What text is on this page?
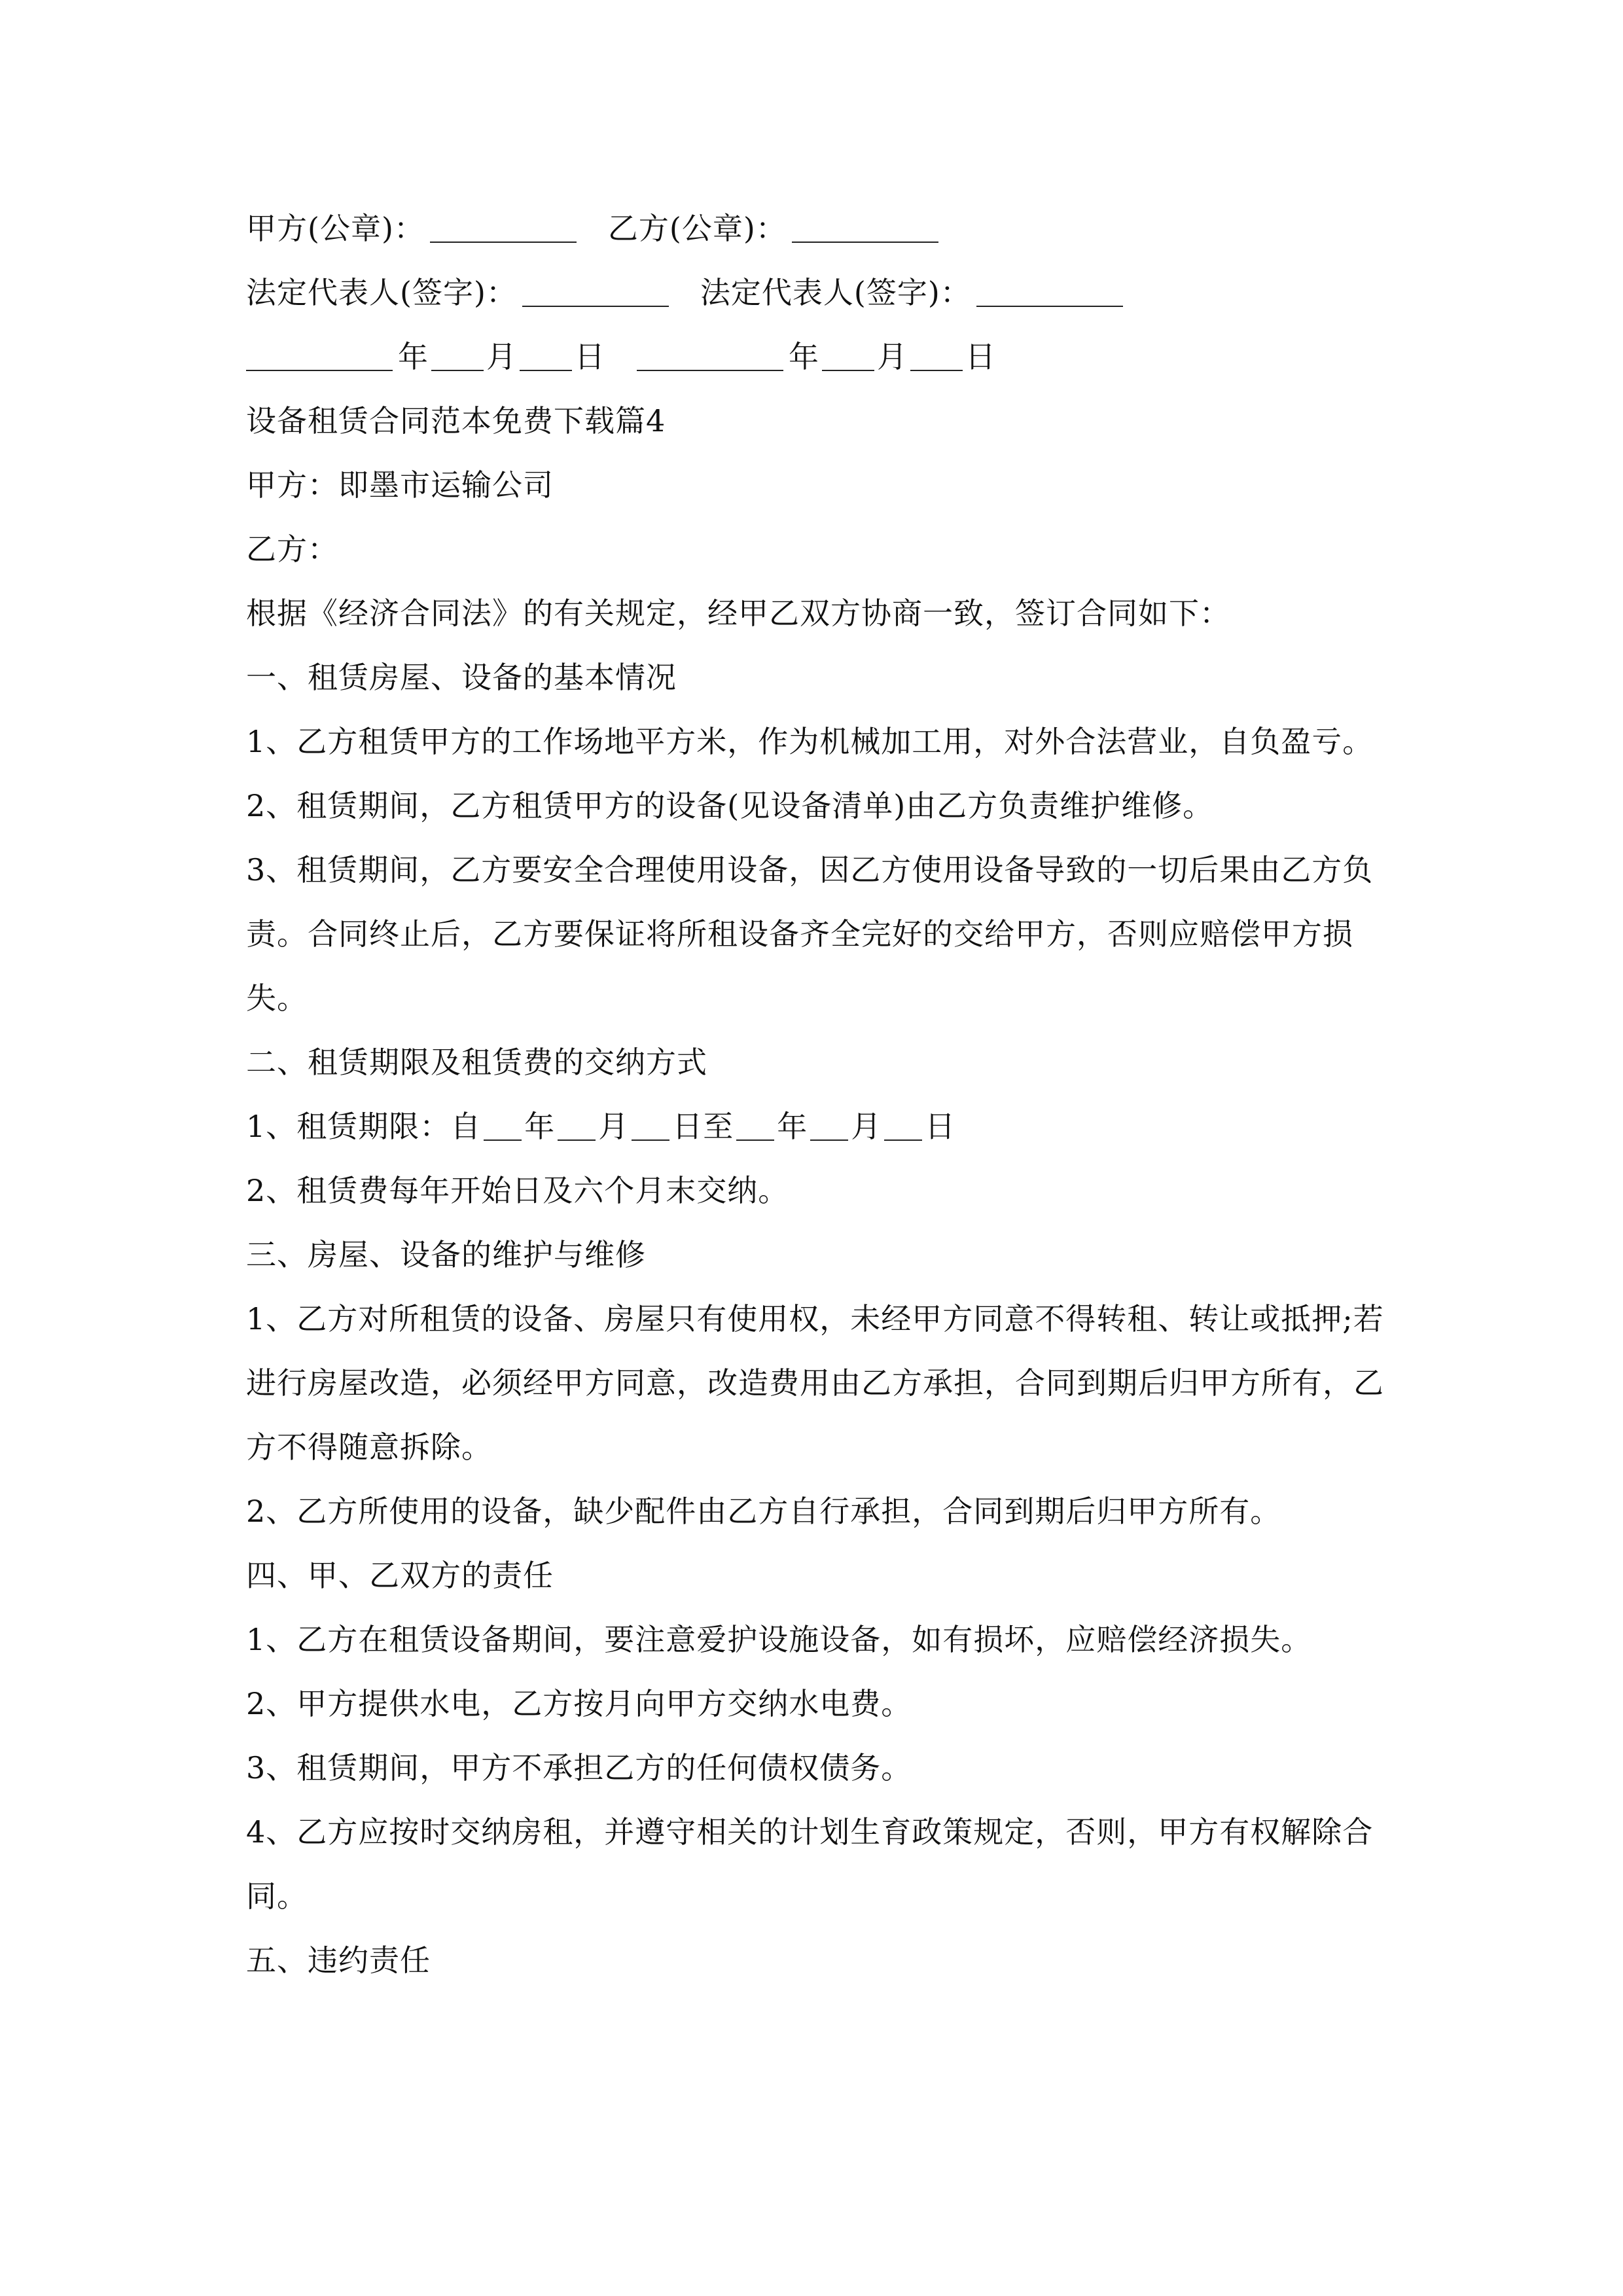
甲方(公章)：	乙方(公章)：
法定代表人(签字)：	法定代表人(签字)：
年 月 日	年 月 日
设备租赁合同范本免费下载篇4
甲方：即墨市运输公司
乙方：
根据《经济合同法》的有关规定，经甲乙双方协商一致，签订合同如下：
一、租赁房屋、设备的基本情况
1、乙方租赁甲方的工作场地平方米，作为机械加工用，对外合法营业，自负盈亏。
2、租赁期间，乙方租赁甲方的设备(见设备清单)由乙方负责维护维修。
3、租赁期间，乙方要安全合理使用设备，因乙方使用设备导致的一切后果由乙方负责。合同终止后，乙方要保证将所租设备齐全完好的交给甲方，否则应赔偿甲方损失。
二、租赁期限及租赁费的交纳方式
1、租赁期限：自 年 月 日至 年 月 日
2、租赁费每年开始日及六个月末交纳。
三、房屋、设备的维护与维修
1、乙方对所租赁的设备、房屋只有使用权，未经甲方同意不得转租、转让或抵押;若进行房屋改造，必须经甲方同意，改造费用由乙方承担，合同到期后归甲方所有，乙方不得随意拆除。
2、乙方所使用的设备，缺少配件由乙方自行承担，合同到期后归甲方所有。
四、甲、乙双方的责任
1、乙方在租赁设备期间，要注意爱护设施设备，如有损坏，应赔偿经济损失。
2、甲方提供水电，乙方按月向甲方交纳水电费。
3、租赁期间，甲方不承担乙方的任何债权债务。
4、乙方应按时交纳房租，并遵守相关的计划生育政策规定，否则，甲方有权解除合同。
五、违约责任
